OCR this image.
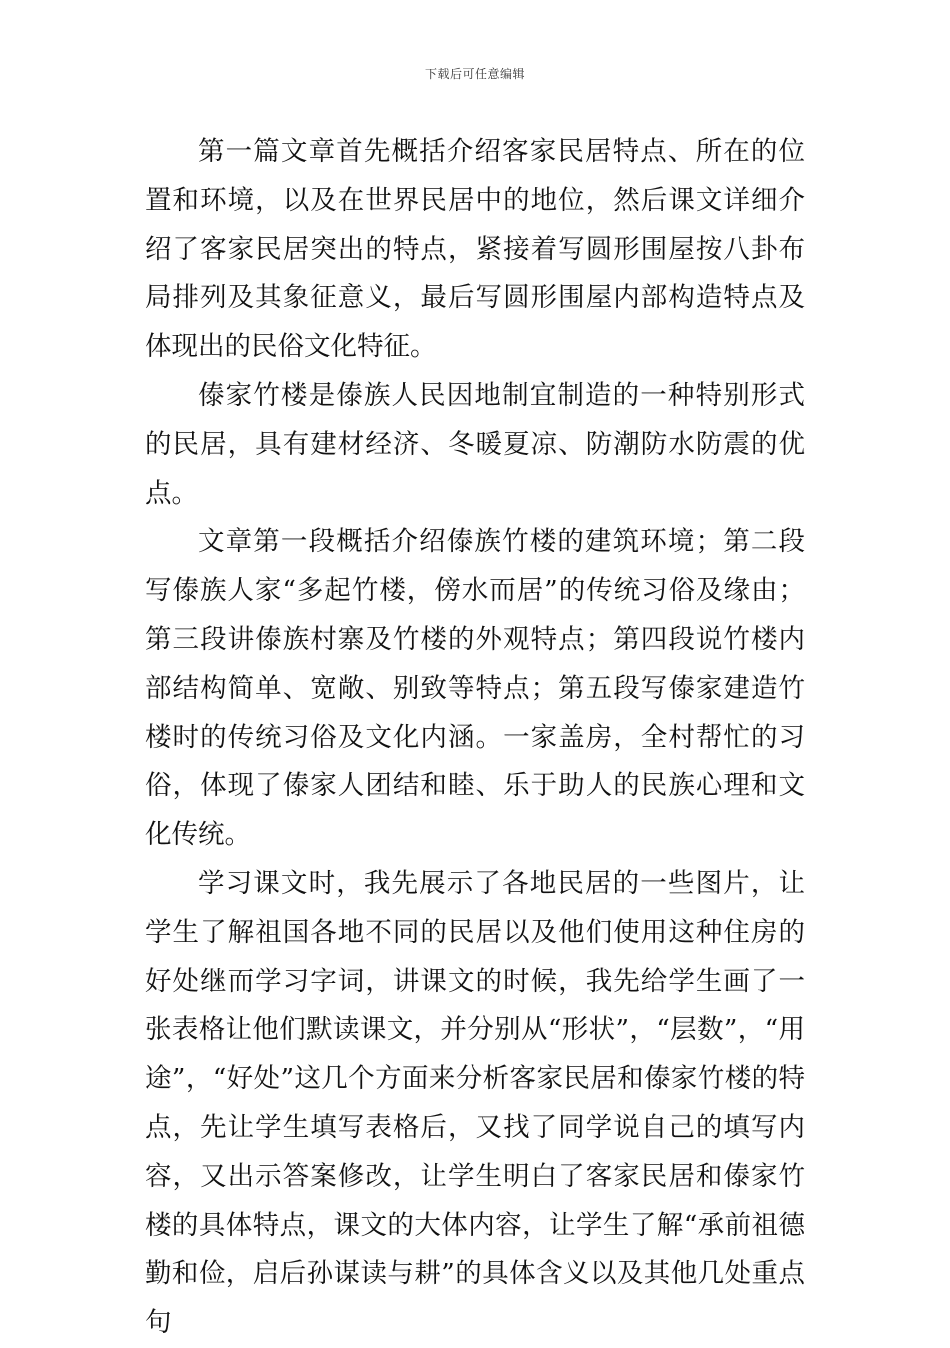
下载后可任意编辑

第一篇文章首先概括介绍客家民居特点、所在的位置和环境，以及在世界民居中的地位，然后课文详细介绍了客家民居突出的特点，紧接着写圆形围屋按八卦布局排列及其象征意义，最后写圆形围屋内部构造特点及体现出的民俗文化特征。

傣家竹楼是傣族人民因地制宜制造的一种特别形式的民居，具有建材经济、冬暖夏凉、防潮防水防震的优点。

文章第一段概括介绍傣族竹楼的建筑环境；第二段写傣族人家“多起竹楼，傍水而居”的传统习俗及缘由；第三段讲傣族村寨及竹楼的外观特点；第四段说竹楼内部结构简单、宽敞、别致等特点；第五段写傣家建造竹楼时的传统习俗及文化内涵。一家盖房，全村帮忙的习俗，体现了傣家人团结和睦、乐于助人的民族心理和文化传统。

学习课文时，我先展示了各地民居的一些图片，让学生了解祖国各地不同的民居以及他们使用这种住房的好处继而学习字词，讲课文的时候，我先给学生画了一张表格让他们默读课文，并分别从“形状”，“层数”，“用途”，“好处”这几个方面来分析客家民居和傣家竹楼的特点，先让学生填写表格后，又找了同学说自己的填写内容，又出示答案修改，让学生明白了客家民居和傣家竹楼的具体特点，课文的大体内容，让学生了解“承前祖德勤和俭，启后孙谋读与耕”的具体含义以及其他几处重点句
